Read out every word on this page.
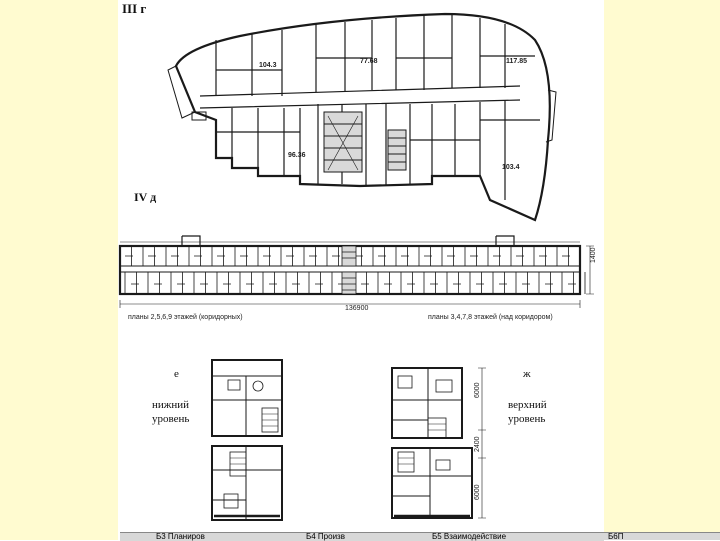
III г
IV д
е	ж
нижний
уровень
верхний
уровень
104.3
77.68	117.85
96.36
103.4
136900
1400
планы 2,5,6,9 этажей (коридорных)	планы 3,4,7,8 этажей (над коридором)
6000
2400
6000
Б3 Планиров	Б4 Произв	Б5 Взаимодействие	Б6П
